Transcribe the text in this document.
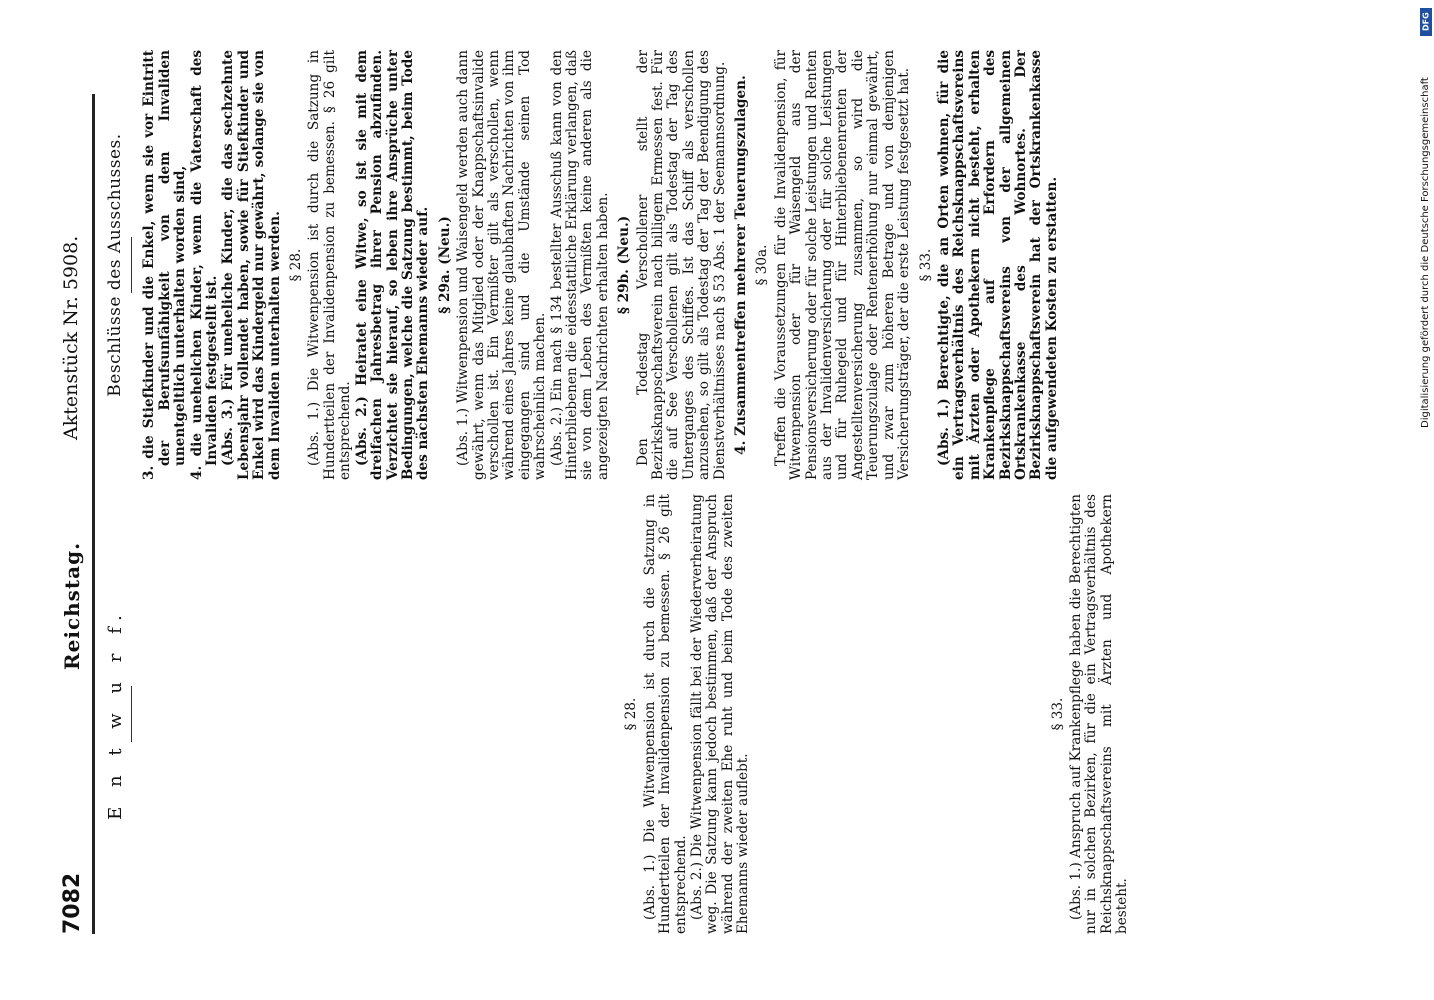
7082
Reichstag.
Aktenstück Nr. 5908.
E n t w u r f.	§ 28. (Abs. 1.) Die Witwenpension ist durch die Satzung in Hundertteilen der Invalidenpension zu bemessen. § 26 gilt entsprechend. (Abs. 2.) Die Witwenpension fällt bei der Wiederverheiratung weg. Die Satzung kann jedoch bestimmen, daß der Anspruch während der zweiten Ehe ruht und beim Tode des zweiten Ehemanns wieder auflebt.

§ 33. (Abs. 1.) Anspruch auf Krankenpflege haben die Berechtigten nur in solchen Bezirken, für die ein Vertragsverhältnis des Reichsknappschaftsvereins mit Ärzten und Apothekern besteht.

Beschlüsse des Ausschusses. 3. die Stiefkinder und die Enkel, wenn sie vor Eintritt der Berufsunfähigkeit von dem Invaliden unentgeltlich unterhalten worden sind, 4. die unehelichen Kinder, wenn die Vaterschaft des Invaliden festgestellt ist. (Abs. 3.) Für uneheliche Kinder, die das sechzehnte Lebensjahr vollendet haben, sowie für Stiefkinder und Enkel wird das Kindergeld nur gewährt, solange sie von dem Invaliden unterhalten werden. § 28. (Abs. 1.) Die Witwenpension ist durch die Satzung in Hundertteilen der Invalidenpension zu bemessen. § 26 gilt entsprechend. (Abs. 2.) Heiratet eine Witwe, so ist sie mit dem dreifachen Jahresbetrag ihrer Pension abzufinden. Verzichtet sie hierauf, so leben ihre Ansprüche unter Bedingungen, welche die Satzung bestimmt, beim Tode des nächsten Ehemanns wieder auf. § 29a. (Neu.) (Abs. 1.) Witwenpension und Waisengeld werden auch dann gewährt, wenn das Mitglied oder der Knappschaftsinvalide verschollen ist. Ein Vermißter gilt als verschollen, wenn während eines Jahres keine glaubhaften Nachrichten von ihm eingegangen sind und die Umstände seinen Tod wahrscheinlich machen. (Abs. 2.) Ein nach § 134 bestellter Ausschuß kann von den Hinterbliebenen die eidesstattliche Erklärung verlangen, daß sie von dem Leben des Vermißten keine anderen als die angezeigten Nachrichten erhalten haben. § 29b. (Neu.) Den Todestag Verschollener stellt der Bezirksknappschaftsverein nach billigem Ermessen fest. Für die auf See Verschollenen gilt als Todestag der Tag des Unterganges des Schiffes. Ist das Schiff als verschollen anzusehen, so gilt als Todestag der Tag der Beendigung des Dienstverhältnisses nach § 53 Abs. 1 der Seemannsordnung. 4. Zusammentreffen mehrerer Teuerungszulagen. § 30a. Treffen die Voraussetzungen für die Invalidenpension, für Witwenpension oder für Waisengeld aus der Pensionsversicherung oder für solche Leistungen und Renten aus der Invalidenversicherung oder für solche Leistungen und für Ruhegeld und für Hinterbliebenenrenten der Angestelltenversicherung zusammen, so wird die Teuerungszulage oder Rentenerhöhung nur einmal gewährt, und zwar zum höheren Betrage und von demjenigen Versicherungsträger, der die erste Leistung festgesetzt hat. § 33. (Abs. 1.) Berechtigte, die an Orten wohnen, für die ein Vertragsverhältnis des Reichsknappschaftsvereins mit Ärzten oder Apothekern nicht besteht, erhalten Krankenpflege auf Erfordern des Bezirksknappschaftsvereins von der allgemeinen Ortskrankenkasse des Wohnortes. Der Bezirksknappschaftsverein hat der Ortskrankenkasse die aufgewendeten Kosten zu erstatten.

DFG
Digitalisierung gefördert durch die Deutsche Forschungsgemeinschaft
